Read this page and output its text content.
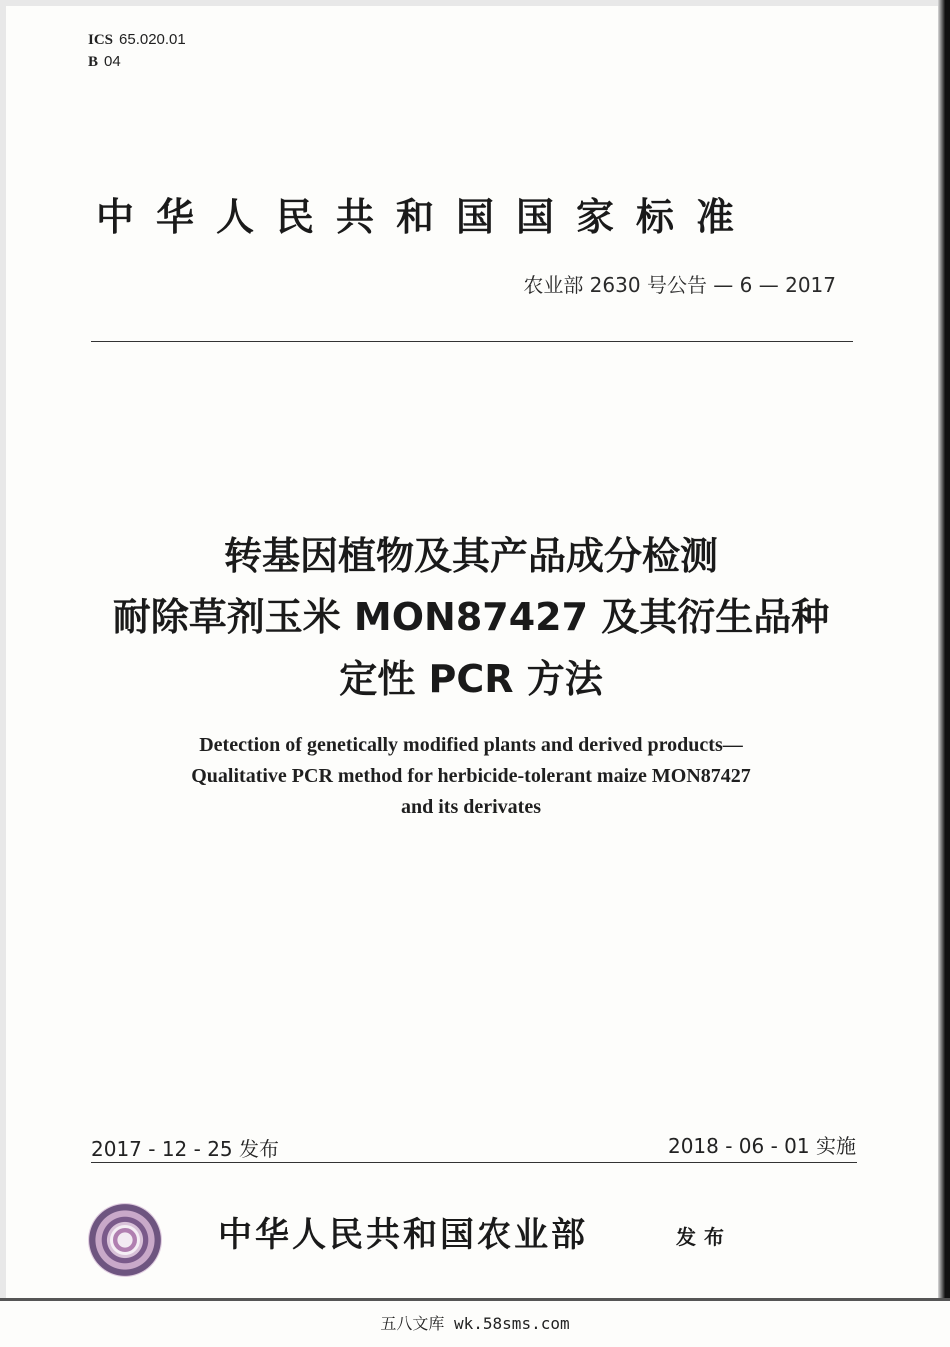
ICS 65.020.01
B 04
中华人民共和国国家标准
农业部 2630 号公告 — 6 — 2017
转基因植物及其产品成分检测
耐除草剂玉米 MON87427 及其衍生品种
定性 PCR 方法
Detection of genetically modified plants and derived products—
Qualitative PCR method for herbicide-tolerant maize MON87427
and its derivates
2017 - 12 - 25 发布	2018 - 06 - 01 实施
中华人民共和国农业部	发布
五八文库 wk.58sms.com
